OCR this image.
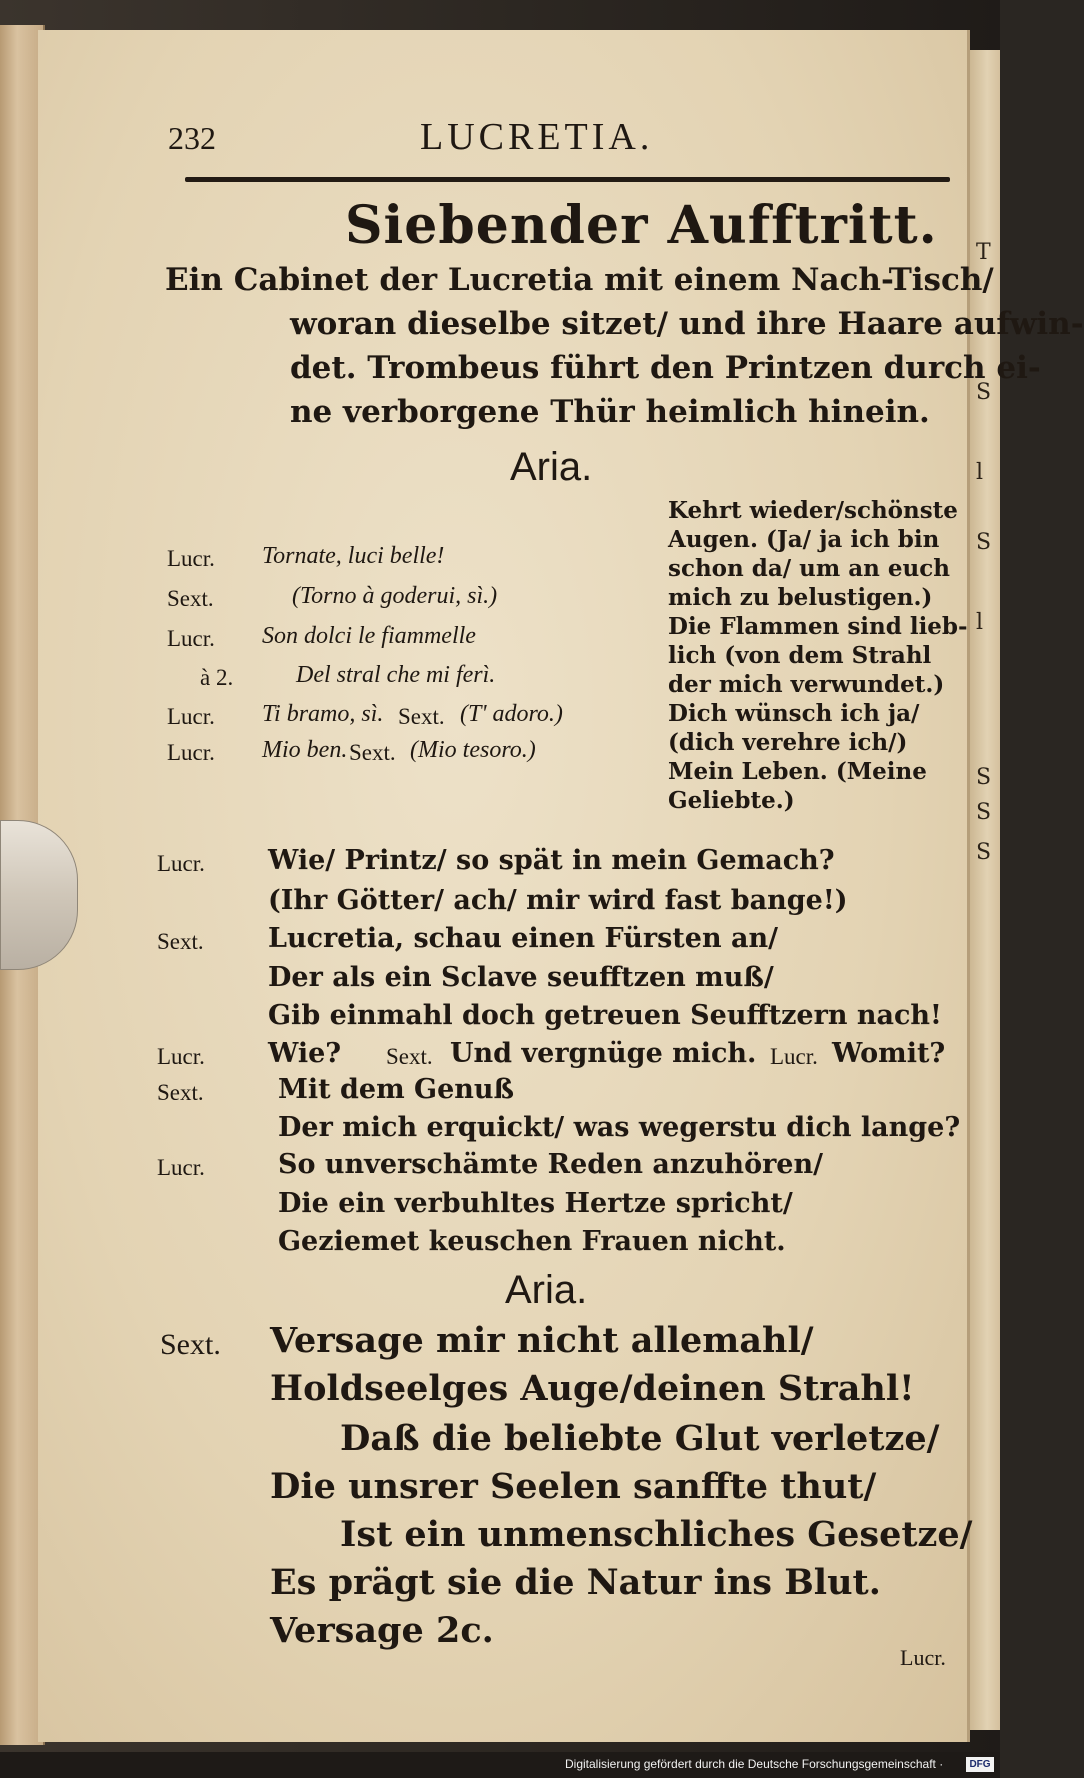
T
S
l
S
l
S
S
S
232	LUCRETIA.
Siebender Aufftritt.
Ein Cabinet der Lucretia mit einem Nach-Tisch/
woran dieselbe sitzet/ und ihre Haare aufwin-
det. Trombeus führt den Printzen durch ei-
ne verborgene Thür heimlich hinein.
Aria.
Lucr. Tornate, luci belle!
Sext.	(Torno à goderui, sì.)
Lucr. Son dolci le fiammelle
à 2.	Del stral che mi ferì.
Lucr. Ti bramo, sì. Sext. (T' adoro.)
Lucr. Mio ben. Sext. (Mio tesoro.)
Kehrt wieder/schönste
Augen. (Ja/ ja ich bin
schon da/ um an euch
mich zu belustigen.)
Die Flammen sind lieb-
lich (von dem Strahl
der mich verwundet.)
Dich wünsch ich ja/
(dich verehre ich/)
Mein Leben. (Meine
Geliebte.)
Lucr. Wie/ Printz/ so spät in mein Gemach?
(Ihr Götter/ ach/ mir wird fast bange!)
Sext. Lucretia, schau einen Fürsten an/
Der als ein Sclave seufftzen muß/
Gib einmahl doch getreuen Seufftzern nach!
Lucr. Wie? Sext. Und vergnüge mich. Lucr. Womit?
Sext.	Mit dem Genuß
Der mich erquickt/ was wegerstu dich lange?
Lucr.	So unverschämte Reden anzuhören/
Die ein verbuhltes Hertze spricht/
Geziemet keuschen Frauen nicht.
Aria.
Sext. Versage mir nicht allemahl/
Holdseelges Auge/deinen Strahl!
Daß die beliebte Glut verletze/
Die unsrer Seelen sanffte thut/
Ist ein unmenschliches Gesetze/
Es prägt sie die Natur ins Blut.
Versage 2c.
Lucr.
Digitalisierung gefördert durch die Deutsche Forschungsgemeinschaft ·	DFG
